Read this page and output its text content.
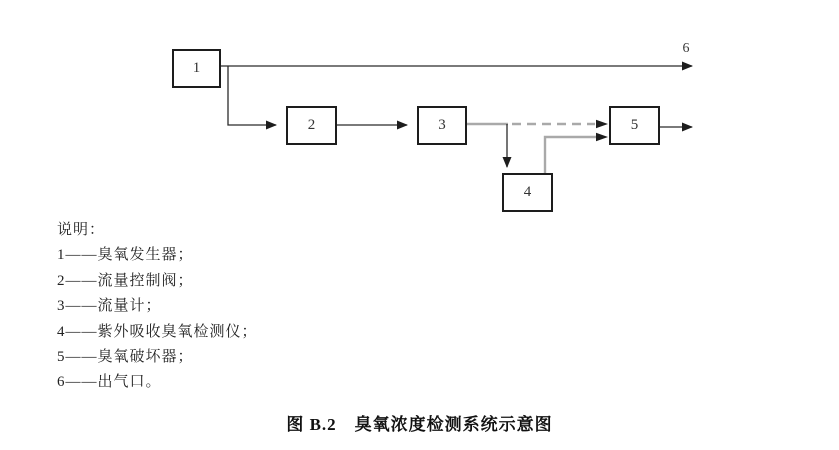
1
2	3
4
5
6
说明：
1——臭氧发生器；
2——流量控制阀；
3——流量计；
4——紫外吸收臭氧检测仪；
5——臭氧破坏器；
6——出气口。
图 B.2 臭氧浓度检测系统示意图
